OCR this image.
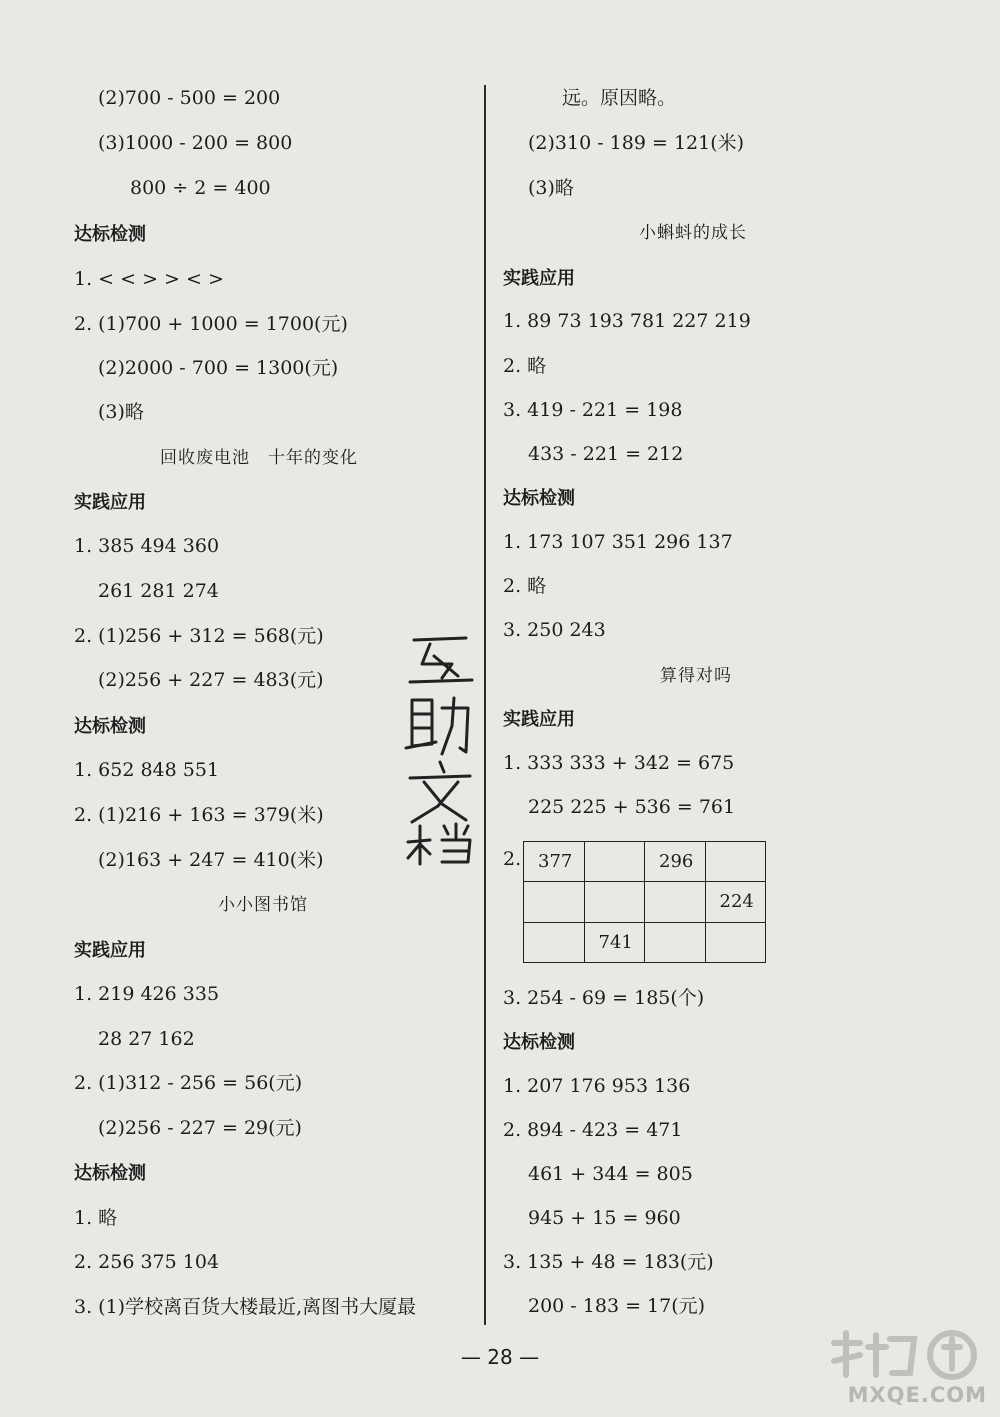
(2)700 - 500 = 200
(3)1000 - 200 = 800
800 ÷ 2 = 400
达标检测
1. < < > > < >
2. (1)700 + 1000 = 1700(元)
(2)2000 - 700 = 1300(元)
(3)略
回收废电池　十年的变化
实践应用
1. 385 494 360
261 281 274
2. (1)256 + 312 = 568(元)
(2)256 + 227 = 483(元)
达标检测
1. 652 848 551
2. (1)216 + 163 = 379(米)
(2)163 + 247 = 410(米)
小小图书馆
实践应用
1. 219 426 335
28 27 162
2. (1)312 - 256 = 56(元)
(2)256 - 227 = 29(元)
达标检测
1. 略
2. 256 375 104
3. (1)学校离百货大楼最近,离图书大厦最
远。原因略。
(2)310 - 189 = 121(米)
(3)略
小蝌蚪的成长
实践应用
1. 89 73 193 781 227 219
2. 略
3. 419 - 221 = 198
433 - 221 = 212
达标检测
1. 173 107 351 296 137
2. 略
3. 250 243
算得对吗
实践应用
1. 333 333 + 342 = 675
225 225 + 536 = 761
2. 377		296	
			224
	741		
3. 254 - 69 = 185(个)
达标检测
1. 207 176 953 136
2. 894 - 423 = 471
461 + 344 = 805
945 + 15 = 960
3. 135 + 48 = 183(元)
200 - 183 = 17(元)
— 28 —
MXQE.COM
